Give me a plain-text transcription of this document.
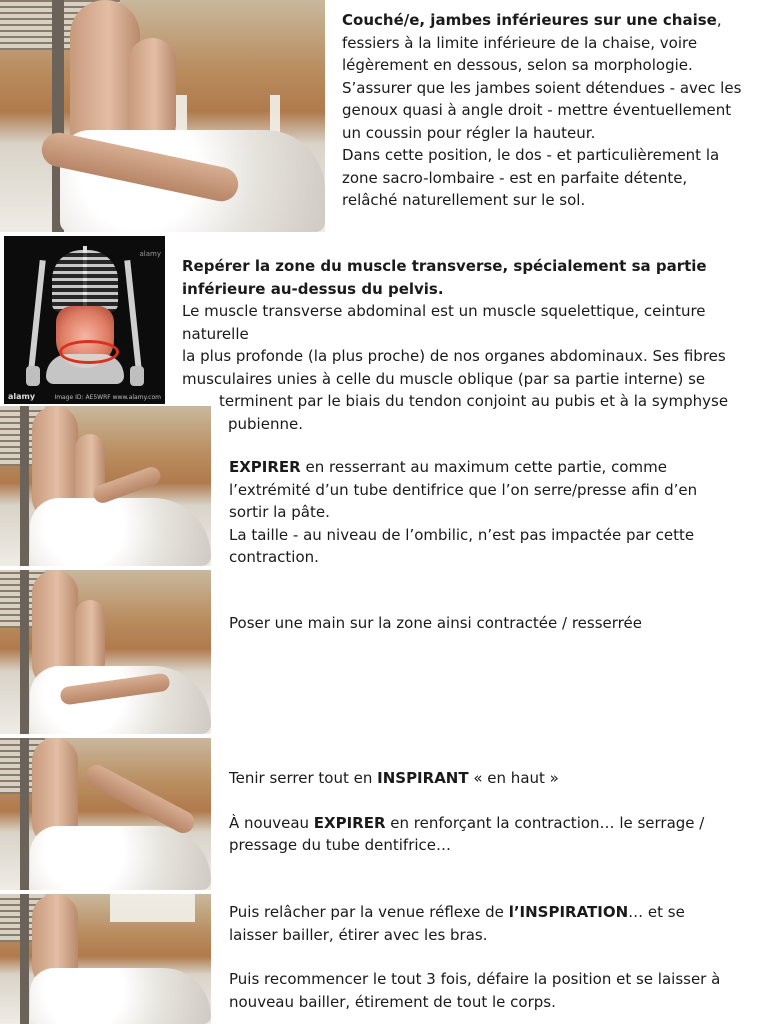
Couché/e, jambes inférieures sur une chaise, fessiers à la limite inférieure de la chaise, voire légèrement en dessous, selon sa morphologie.

S’assurer que les jambes soient détendues - avec les genoux quasi à angle droit - mettre éventuellement un coussin pour régler la hauteur.

Dans cette position, le dos - et particulièrement la zone sacro-lombaire - est en parfaite détente, relâché naturellement sur le sol.

alamy
alamy	Image ID: AE5WRF www.alamy.com

Repérer la zone du muscle transverse, spécialement sa partie inférieure au-dessus du pelvis.

Le muscle transverse abdominal est un muscle squelettique, ceinture naturelle

la plus profonde (la plus proche) de nos organes abdominaux. Ses fibres

musculaires unies à celle du muscle oblique (par sa partie interne) se

terminent par le biais du tendon conjoint au pubis et à la symphyse

pubienne.

EXPIRER en resserrant au maximum cette partie, comme l’extrémité d’un tube dentifrice que l’on serre/presse afin d’en sortir la pâte.

La taille - au niveau de l’ombilic, n’est pas impactée par cette contraction.

Poser une main sur la zone ainsi contractée / resserrée

Tenir serrer tout en INSPIRANT « en haut »

À nouveau EXPIRER en renforçant la contraction… le serrage / pressage du tube dentifrice…

Puis relâcher par la venue réflexe de l’INSPIRATION… et se laisser bailler, étirer avec les bras.

Puis recommencer le tout 3 fois, défaire la position et se laisser à nouveau bailler, étirement de tout le corps.
